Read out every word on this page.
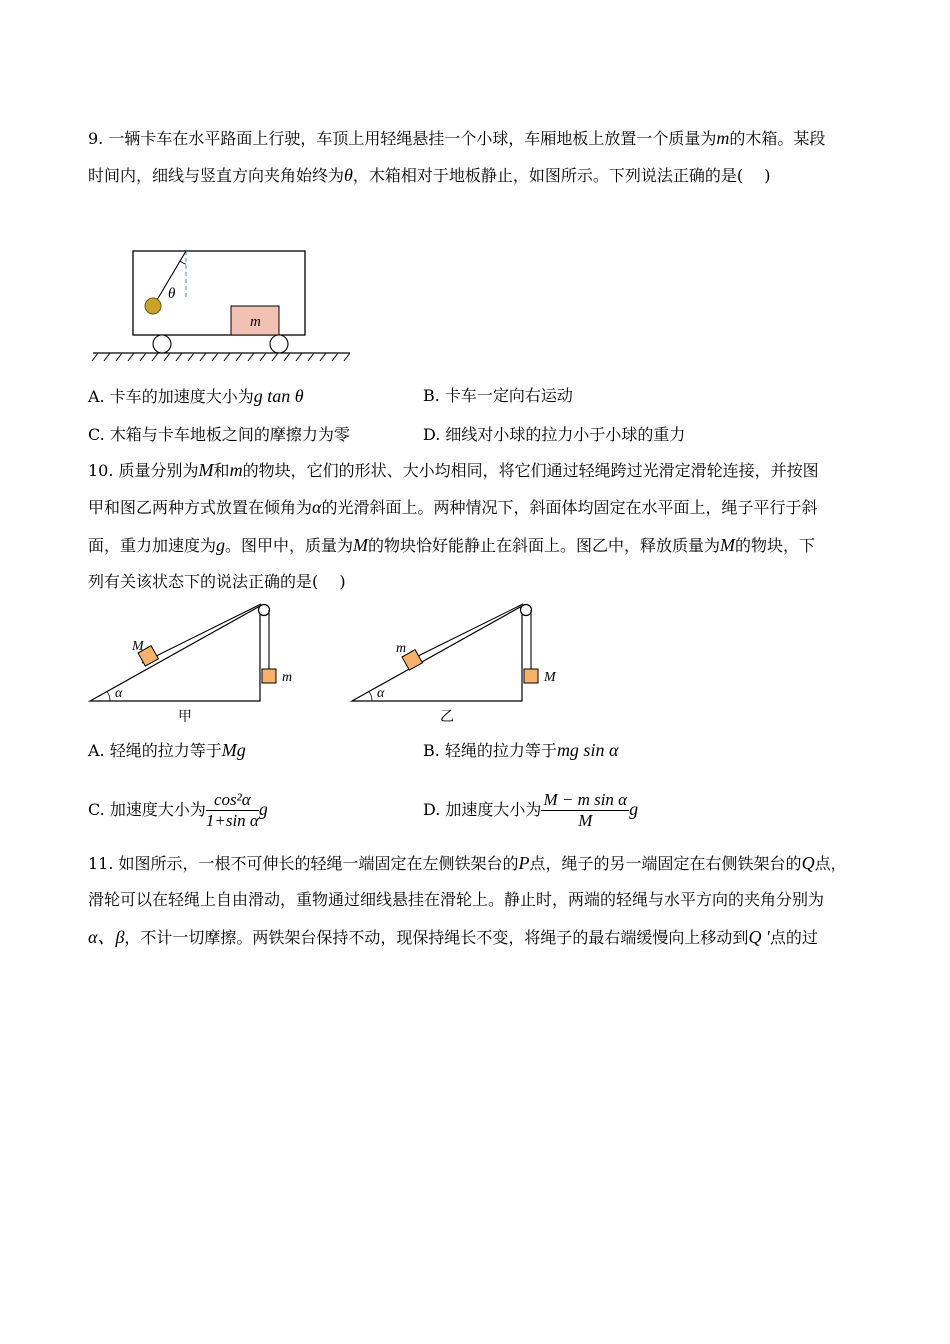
9. 一辆卡车在水平路面上行驶，车顶上用轻绳悬挂一个小球，车厢地板上放置一个质量为m的木箱。某段
时间内，细线与竖直方向夹角始终为θ，木箱相对于地板静止，如图所示。下列说法正确的是(　 )
θ
m
A. 卡车的加速度大小为g tan θ	B. 卡车一定向右运动
C. 木箱与卡车地板之间的摩擦力为零	D. 细线对小球的拉力小于小球的重力
10. 质量分别为M和m的物块，它们的形状、大小均相同，将它们通过轻绳跨过光滑定滑轮连接，并按图
甲和图乙两种方式放置在倾角为α的光滑斜面上。两种情况下，斜面体均固定在水平面上，绳子平行于斜
面，重力加速度为g。图甲中，质量为M的物块恰好能静止在斜面上。图乙中，释放质量为M的物块，下
列有关该状态下的说法正确的是(　 )
M
m
α
甲
m
M
α
乙
A. 轻绳的拉力等于Mg	B. 轻绳的拉力等于mg sin α
C. 加速度大小为 $\frac{\text{cos²α}}{\text{1+sin α}}$ g	D. 加速度大小为 $\frac{\text{M − m sin α}}{M}$ g
11. 如图所示，一根不可伸长的轻绳一端固定在左侧铁架台的P点，绳子的另一端固定在右侧铁架台的Q点，
滑轮可以在轻绳上自由滑动，重物通过细线悬挂在滑轮上。静止时，两端的轻绳与水平方向的夹角分别为
α、β，不计一切摩擦。两铁架台保持不动，现保持绳长不变，将绳子的最右端缓慢向上移动到Q ′点的过
